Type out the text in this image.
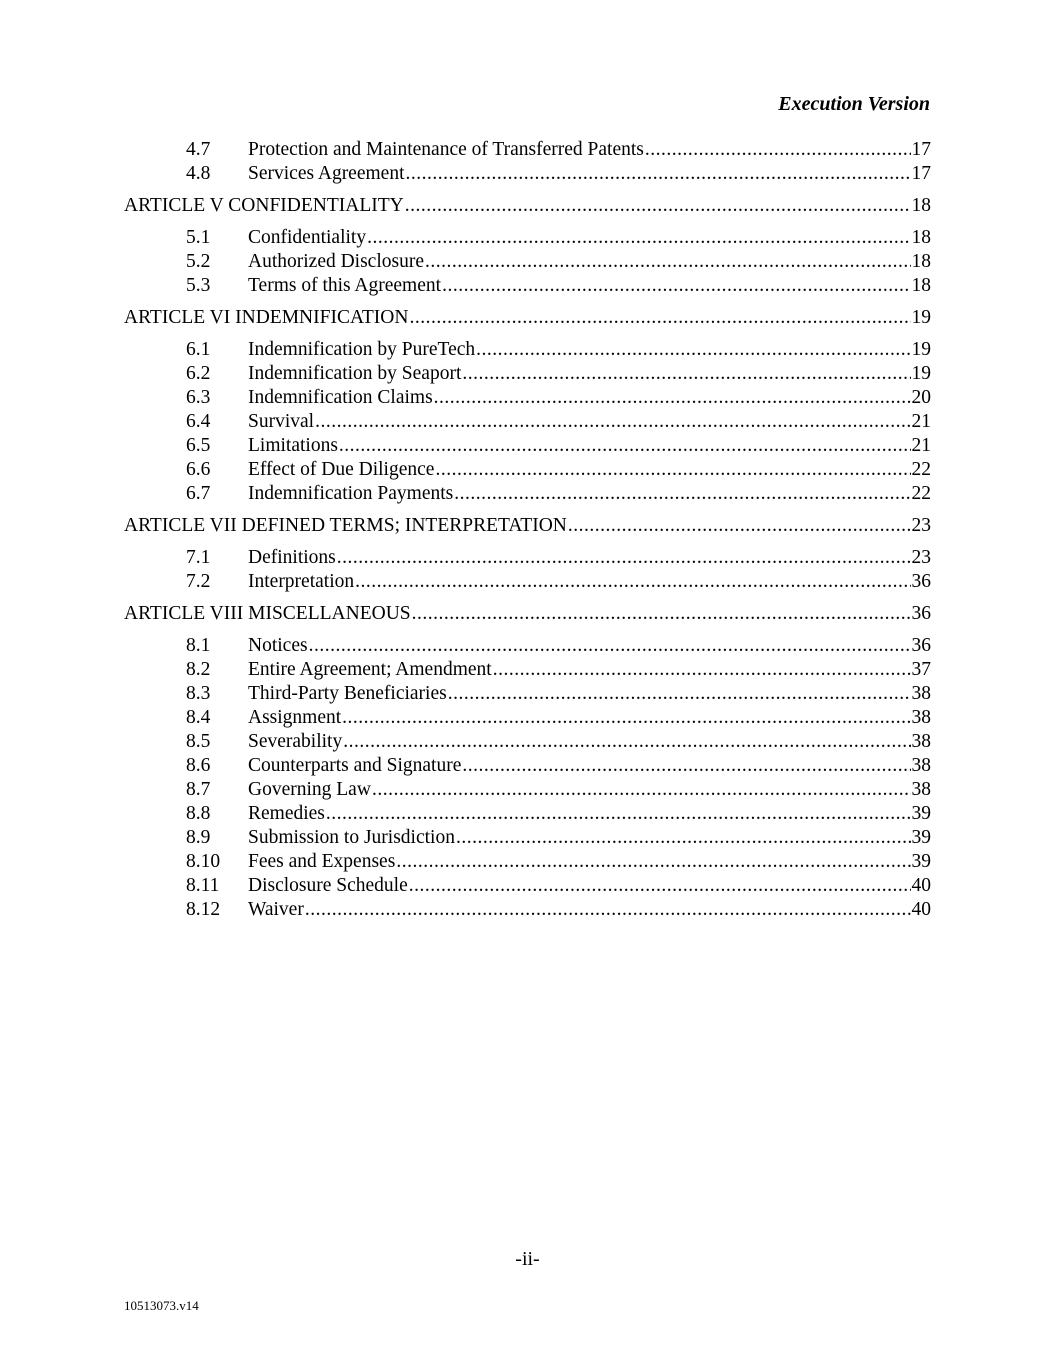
Execution Version
4.7	Protection and Maintenance of Transferred Patents .....	17
4.8	Services Agreement .....	17
ARTICLE V CONFIDENTIALITY .....	18
5.1	Confidentiality .....	18
5.2	Authorized Disclosure .....	18
5.3	Terms of this Agreement .....	18
ARTICLE VI INDEMNIFICATION .....	19
6.1	Indemnification by PureTech .....	19
6.2	Indemnification by Seaport .....	19
6.3	Indemnification Claims .....	20
6.4	Survival .....	21
6.5	Limitations .....	21
6.6	Effect of Due Diligence .....	22
6.7	Indemnification Payments .....	22
ARTICLE VII DEFINED TERMS; INTERPRETATION .....	23
7.1	Definitions .....	23
7.2	Interpretation .....	36
ARTICLE VIII MISCELLANEOUS .....	36
8.1	Notices .....	36
8.2	Entire Agreement; Amendment .....	37
8.3	Third-Party Beneficiaries .....	38
8.4	Assignment .....	38
8.5	Severability .....	38
8.6	Counterparts and Signature .....	38
8.7	Governing Law .....	38
8.8	Remedies .....	39
8.9	Submission to Jurisdiction .....	39
8.10	Fees and Expenses .....	39
8.11	Disclosure Schedule .....	40
8.12	Waiver .....	40
-ii-
10513073.v14
